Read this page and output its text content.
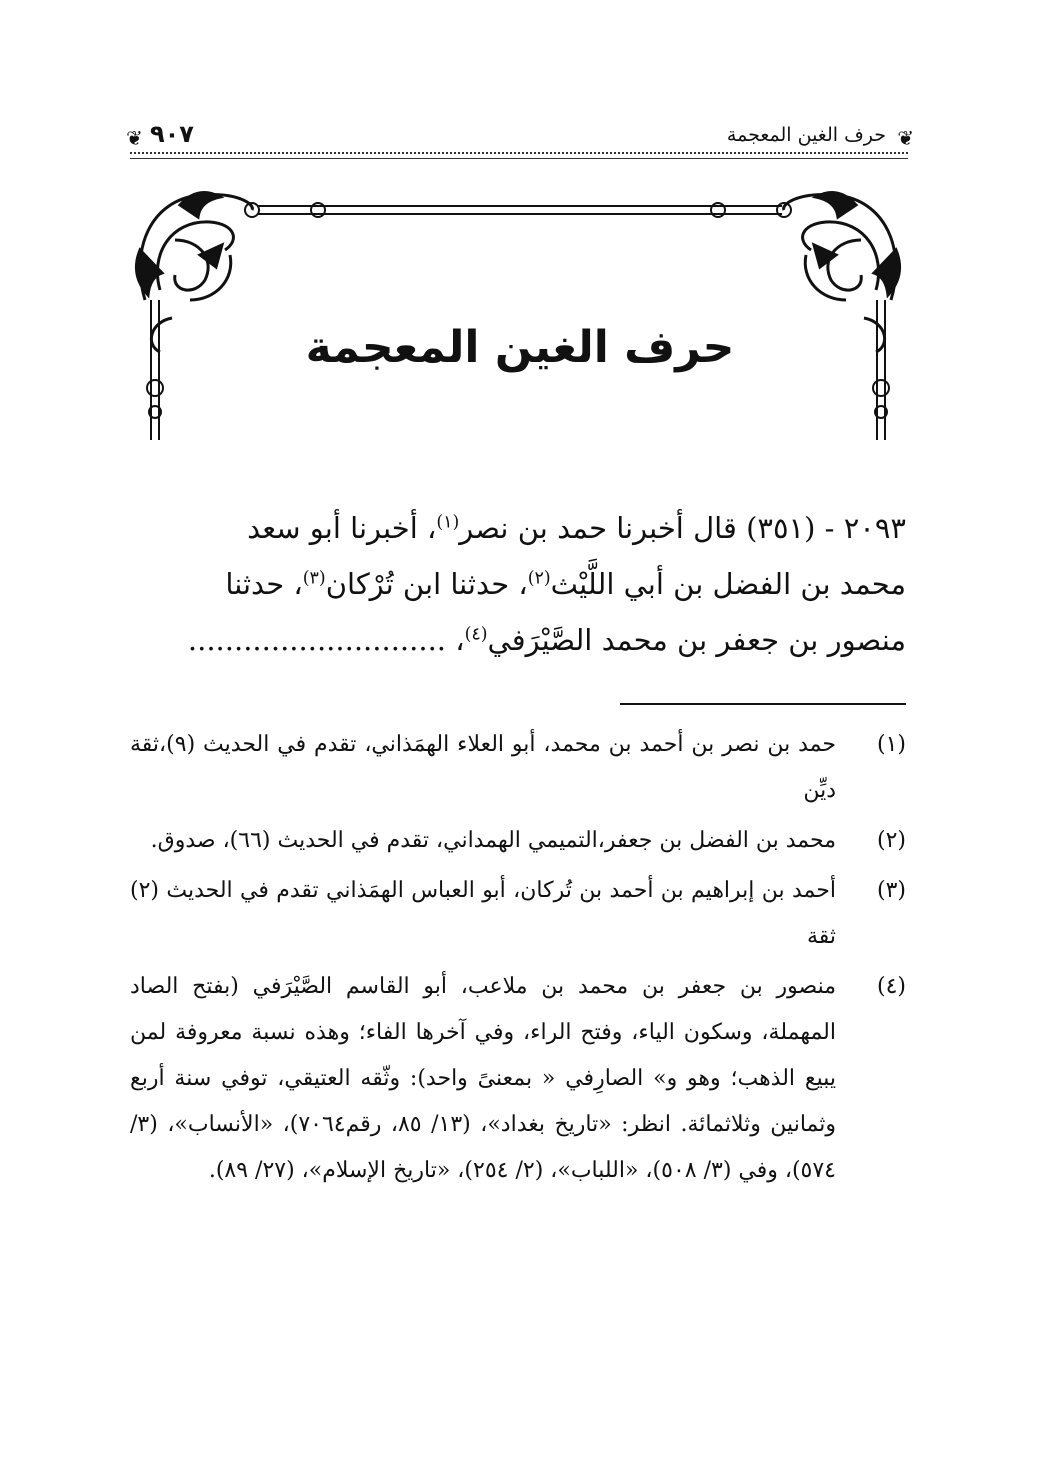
❦
حرف الغين المعجمة
٩٠٧
❦
حرف الغين المعجمة

٢٠٩٣ - (٣٥١) قال أخبرنا حمد بن نصر$^{(١)}$، أخبرنا أبو سعد

محمد بن الفضل بن أبي اللَّيْث$^{(٢)}$، حدثنا ابن تُرْكان$^{(٣)}$، حدثنا

منصور بن جعفر بن محمد الصَّيْرَفي$^{(٤)}$، ............................

(١)
حمد بن نصر بن أحمد بن محمد، أبو العلاء الهمَذاني، تقدم في الحديث (٩)،ثقة ديِّن
(٢)
محمد بن الفضل بن جعفر،التميمي الهمداني، تقدم في الحديث (٦٦)، صدوق.
(٣)
أحمد بن إبراهيم بن أحمد بن تُركان، أبو العباس الهمَذاني تقدم في الحديث (٢) ثقة
(٤)
منصور بن جعفر بن محمد بن ملاعب، أبو القاسم الصَّيْرَفي (بفتح الصاد المهملة، وسكون الياء، وفتح الراء، وفي آخرها الفاء؛ وهذه نسبة معروفة لمن يبيع الذهب؛ وهو و» الصارِفي « بمعنىً واحد): وثّقه العتيقي، توفي سنة أربع وثمانين وثلاثمائة. انظر: «تاريخ بغداد»، (١٣/ ٨٥، رقم٧٠٦٤)، «الأنساب»، (٣/ ٥٧٤)، وفي (٣/ ٥٠٨)، «اللباب»، (٢/ ٢٥٤)، «تاريخ الإسلام»، (٢٧/ ٨٩).
